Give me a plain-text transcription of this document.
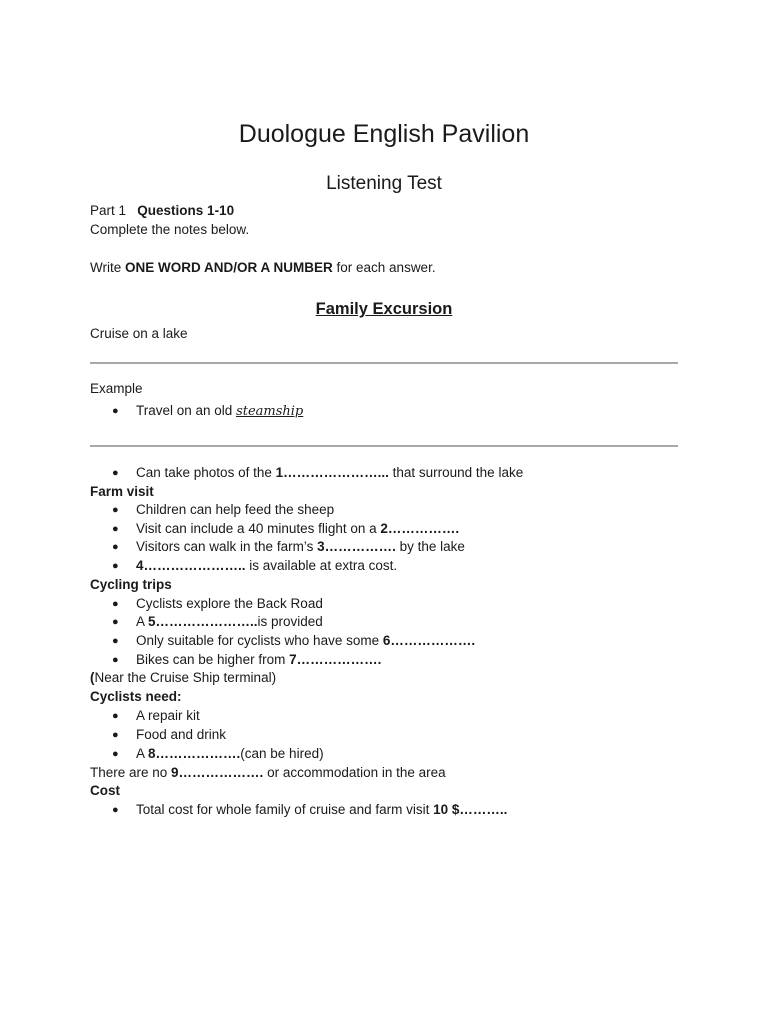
Duologue English Pavilion
Listening Test
Part 1 Questions 1-10
Complete the notes below.
Write ONE WORD AND/OR A NUMBER for each answer.
Family Excursion
Cruise on a lake
Example
● Travel on an old steamship
● Can take photos of the 1…………………... that surround the lake
Farm visit
● Children can help feed the sheep
● Visit can include a 40 minutes flight on a 2…………….
● Visitors can walk in the farm’s 3……………. by the lake
● 4………………….. is available at extra cost.
Cycling trips
● Cyclists explore the Back Road
● A 5…………………..is provided
● Only suitable for cyclists who have some 6……………….
● Bikes can be higher from 7……………….
(Near the Cruise Ship terminal)
Cyclists need:
● A repair kit
● Food and drink
● A 8……………….(can be hired)
There are no 9………………. or accommodation in the area
Cost
● Total cost for whole family of cruise and farm visit 10 $………..
